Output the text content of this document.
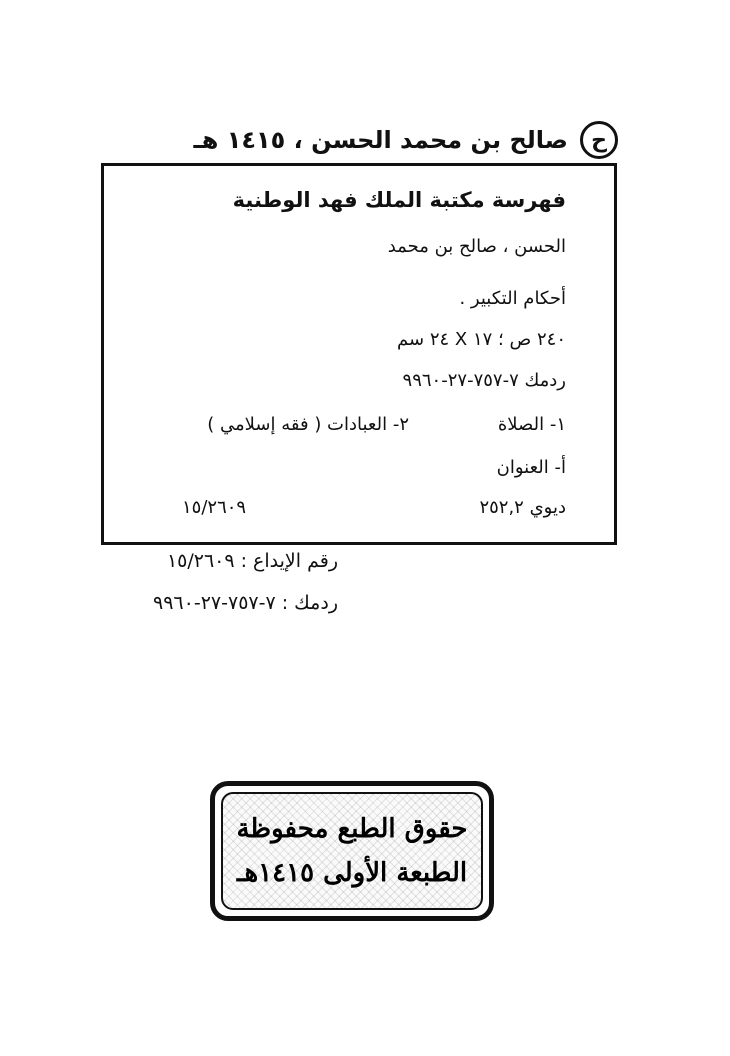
ح
صالح بن محمد الحسن ، ١٤١٥ هـ
فهرسة مكتبة الملك فهد الوطنية
الحسن ، صالح بن محمد
أحكام التكبير .
٢٤٠ ص ؛ ١٧ X ٢٤ سم
ردمك ٧-٧٥٧-٢٧-٩٩٦٠
١- الصلاة
٢- العبادات ( فقه إسلامي )
أ- العنوان
ديوي ٢٥٢,٢
١٥/٢٦٠٩
رقم الإيداع : ١٥/٢٦٠٩
ردمك : ٧-٧٥٧-٢٧-٩٩٦٠
حقوق الطبع محفوظة
الطبعة الأولى ١٤١٥هـ
